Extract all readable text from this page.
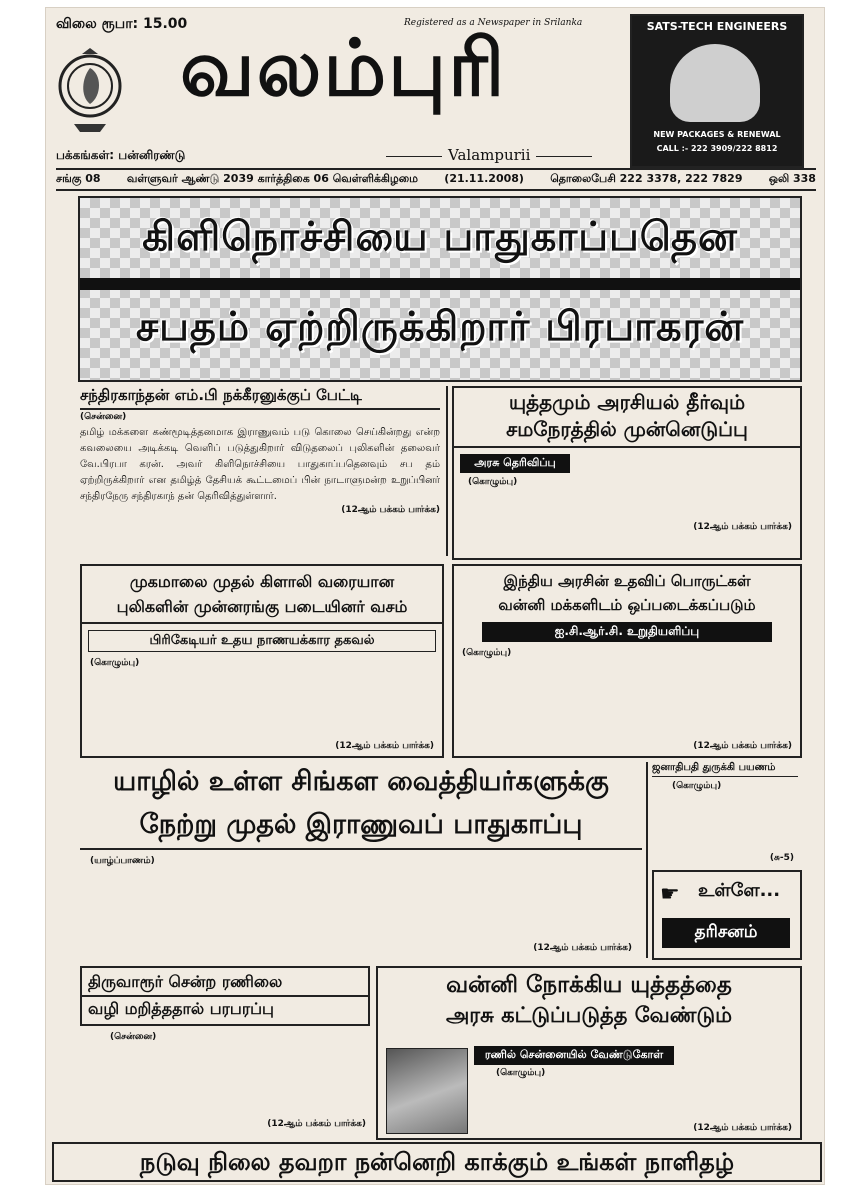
விலை ரூபா: 15.00	Registered as a Newspaper in Srilanka
வலம்புரி
பக்கங்கள்: பன்னிரண்டு	Valampurii
SATS-TECH ENGINEERS
NEW PACKAGES & RENEWAL
CALL :- 222 3909/222 8812
சங்கு 08 வள்ளுவர் ஆண்டு 2039 கார்த்திகை 06 வெள்ளிக்கிழமை (21.11.2008) தொலைபேசி 222 3378, 222 7829 ஒலி 338
கிளிநொச்சியை பாதுகாப்பதென
சபதம் ஏற்றிருக்கிறார் பிரபாகரன்
சந்திரகாந்தன் எம்.பி நக்கீரனுக்குப் பேட்டி
(சென்னை)
தமிழ் மக்களை கண்மூடித்தனமாக இராணுவம் படு கொலை செய்கின்றது என்ற கவலையை அடிக்கடி வெளிப் படுத்துகிறார் விடுதலைப் புலிகளின் தலைவர் வே.பிரபா கரன். அவர் கிளிநொச்சியை பாதுகாப்பதெனவும் சப தம் ஏற்றிருக்கிறார் என தமிழ்த் தேசியக் கூட்டமைப் பின் நாடாளுமன்ற உறுப்பினர் சந்திரநேரு சந்திரகாந் தன் தெரிவித்துள்ளார்.
(12ஆம் பக்கம் பார்க்க)
யுத்தமும் அரசியல் தீர்வும்
சமநேரத்தில் முன்னெடுப்பு
அரசு தெரிவிப்பு
(கொழும்பு)
(12ஆம் பக்கம் பார்க்க)
முகமாலை முதல் கிளாலி வரையான
புலிகளின் முன்னரங்கு படையினர் வசம்
பிரிகேடியர் உதய நாணயக்கார தகவல்
(கொழும்பு)
(12ஆம் பக்கம் பார்க்க)
இந்திய அரசின் உதவிப் பொருட்கள்
வன்னி மக்களிடம் ஒப்படைக்கப்படும்
ஐ.சி.ஆர்.சி. உறுதியளிப்பு
(கொழும்பு)
(12ஆம் பக்கம் பார்க்க)
யாழில் உள்ள சிங்கள வைத்தியர்களுக்கு
நேற்று முதல் இராணுவப் பாதுகாப்பு
(யாழ்ப்பாணம்)
(12ஆம் பக்கம் பார்க்க)
ஜனாதிபதி துருக்கி பயணம்
(கொழும்பு)
(சு-5)
☛ உள்ளே...
தரிசனம்
திருவாரூர் சென்ற ரணிலை
வழி மறித்ததால் பரபரப்பு
(சென்னை)
(12ஆம் பக்கம் பார்க்க)
வன்னி நோக்கிய யுத்தத்தை
அரசு கட்டுப்படுத்த வேண்டும்
ரணில் சென்னையில் வேண்டுகோள்
(கொழும்பு)
(12ஆம் பக்கம் பார்க்க)
நடுவு நிலை தவறா நன்னெறி காக்கும் உங்கள் நாளிதழ்
